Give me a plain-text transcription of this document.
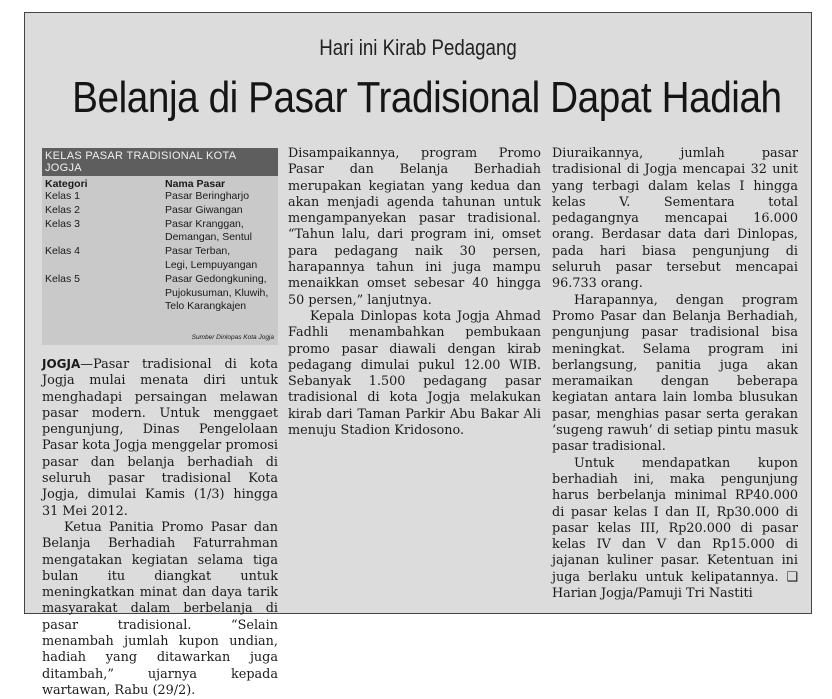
Hari ini Kirab Pedagang
Belanja di Pasar Tradisional Dapat Hadiah
KELAS PASAR TRADISIONAL KOTA JOGJA
Kategori	Nama Pasar
Kelas 1	Pasar Beringharjo
Kelas 2	Pasar Giwangan
Kelas 3	Pasar Kranggan,
Demangan, Sentul
Kelas 4	Pasar Terban,
Legi, Lempuyangan
Kelas 5	Pasar Gedongkuning,
Pujokusuman, Kluwih,
Telo Karangkajen
Sumber Dinlopas Kota Jogja

JOGJA—Pasar tradisional di kota Jogja mulai menata diri untuk menghadapi persaingan melawan pasar modern. Untuk menggaet pengunjung, Dinas Pengelolaan Pasar kota Jogja menggelar promosi pasar dan belanja berhadiah di seluruh pasar tradisional Kota Jogja, dimulai Kamis (1/3) hingga 31 Mei 2012.

Ketua Panitia Promo Pasar dan Belanja Berhadiah Faturrahman mengatakan kegiatan selama tiga bulan itu diangkat untuk meningkatkan minat dan daya tarik masyarakat dalam berbelanja di pasar tradisional. “Selain menambah jumlah kupon undian, hadiah yang ditawarkan juga ditambah,” ujarnya kepada wartawan, Rabu (29/2).

Disampaikannya, program Promo Pasar dan Belanja Berhadiah merupakan kegiatan yang kedua dan akan menjadi agenda tahunan untuk mengampanyekan pasar tradisional. “Tahun lalu, dari program ini, omset para pedagang naik 30 persen, harapannya tahun ini juga mampu menaikkan omset sebesar 40 hingga 50 persen,” lanjutnya.

Kepala Dinlopas kota Jogja Ahmad Fadhli menambahkan pembukaan promo pasar diawali dengan kirab pedagang dimulai pukul 12.00 WIB. Sebanyak 1.500 pedagang pasar tradisional di kota Jogja melakukan kirab dari Taman Parkir Abu Bakar Ali menuju Stadion Kridosono.

Diuraikannya, jumlah pasar tradisional di Jogja mencapai 32 unit yang terbagi dalam kelas I hingga kelas V. Sementara total pedagangnya mencapai 16.000 orang. Berdasar data dari Dinlopas, pada hari biasa pengunjung di seluruh pasar tersebut mencapai 96.733 orang.

Harapannya, dengan program Promo Pasar dan Belanja Berhadiah, pengunjung pasar tradisional bisa meningkat. Selama program ini berlangsung, panitia juga akan meramaikan dengan beberapa kegiatan antara lain lomba blusukan pasar, menghias pasar serta gerakan ‘sugeng rawuh’ di setiap pintu masuk pasar tradisional.

Untuk mendapatkan kupon berhadiah ini, maka pengunjung harus berbelanja minimal RP40.000 di pasar kelas I dan II, Rp30.000 di pasar kelas III, Rp20.000 di pasar kelas IV dan V dan Rp15.000 di jajanan kuliner pasar. Ketentuan ini juga berlaku untuk kelipatannya. ❑ Harian Jogja/Pamuji Tri Nastiti
